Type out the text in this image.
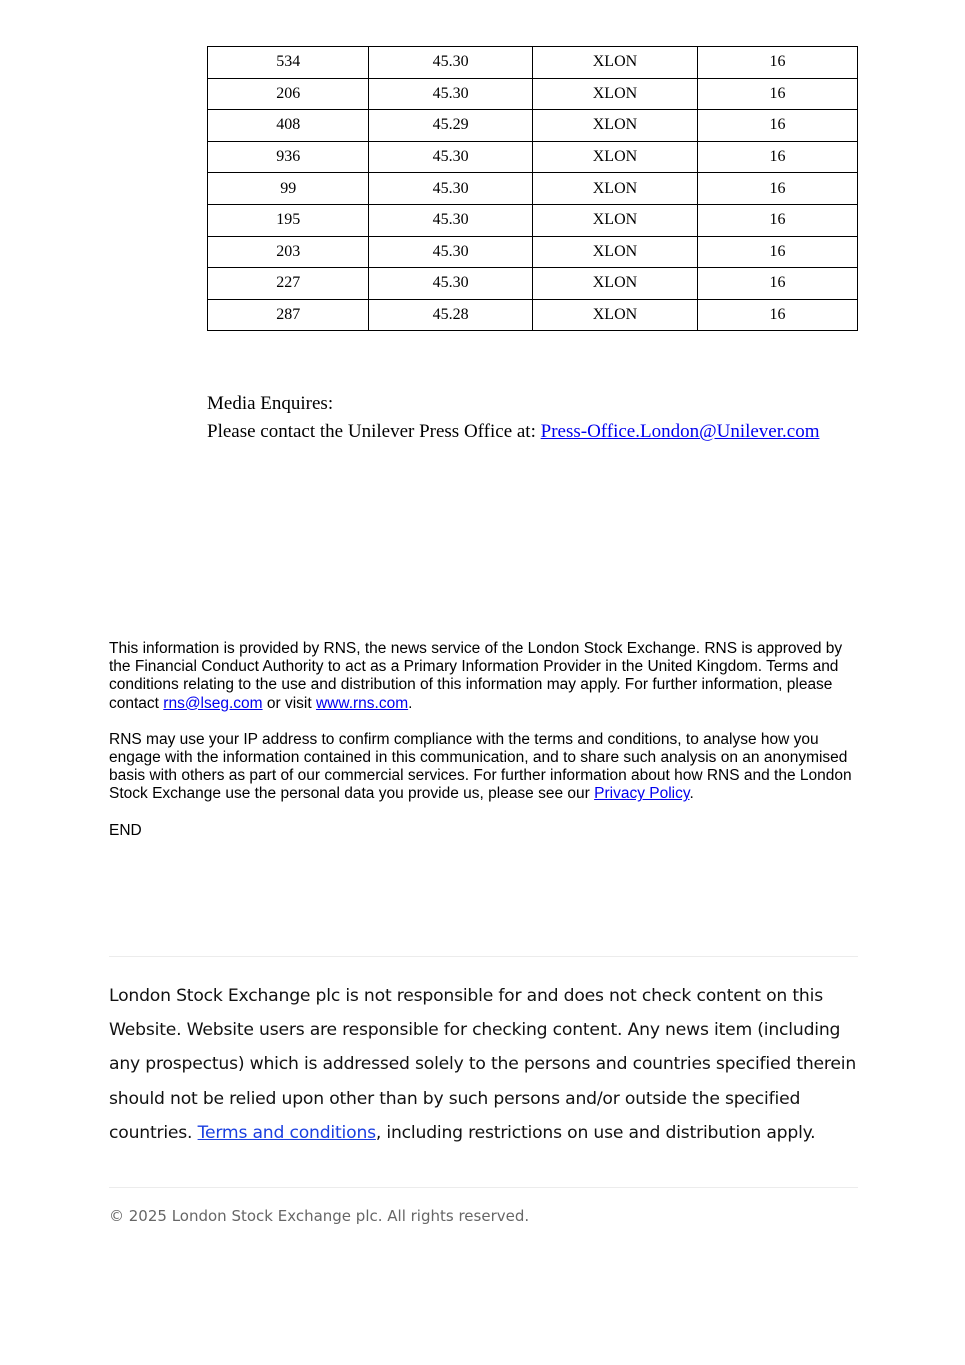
534	45.30	XLON	16
206	45.30	XLON	16
408	45.29	XLON	16
936	45.30	XLON	16
99	45.30	XLON	16
195	45.30	XLON	16
203	45.30	XLON	16
227	45.30	XLON	16
287	45.28	XLON	16
Media Enquires:
Please contact the Unilever Press Office at: Press-Office.London@Unilever.com

This information is provided by RNS, the news service of the London Stock Exchange. RNS is approved by the Financial Conduct Authority to act as a Primary Information Provider in the United Kingdom. Terms and conditions relating to the use and distribution of this information may apply. For further information, please contact rns@lseg.com or visit www.rns.com.

RNS may use your IP address to confirm compliance with the terms and conditions, to analyse how you engage with the information contained in this communication, and to share such analysis on an anonymised basis with others as part of our commercial services. For further information about how RNS and the London Stock Exchange use the personal data you provide us, please see our Privacy Policy.

END

London Stock Exchange plc is not responsible for and does not check content on this Website. Website users are responsible for checking content. Any news item (including any prospectus) which is addressed solely to the persons and countries specified therein should not be relied upon other than by such persons and/or outside the specified countries. Terms and conditions, including restrictions on use and distribution apply.
© 2025 London Stock Exchange plc. All rights reserved.
